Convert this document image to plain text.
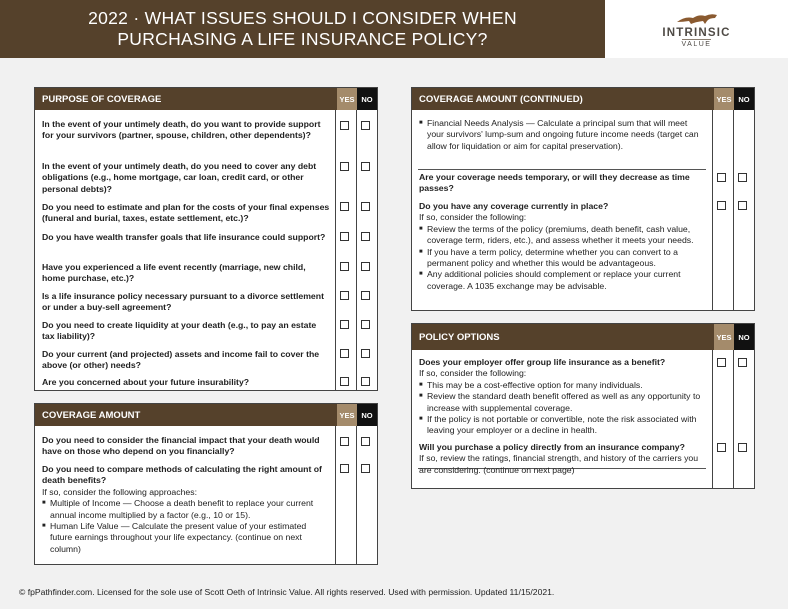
2022 · WHAT ISSUES SHOULD I CONSIDER WHEN
PURCHASING A LIFE INSURANCE POLICY?	INTRINSIC
VALUE
PURPOSE OF COVERAGE	YES NO
In the event of your untimely death, do you want to provide support for your survivors (partner, spouse, children, other dependents)?
In the event of your untimely death, do you need to cover any debt obligations (e.g., home mortgage, car loan, credit card, or other personal debts)?
Do you need to estimate and plan for the costs of your final expenses (funeral and burial, taxes, estate settlement, etc.)?
Do you have wealth transfer goals that life insurance could support?
Have you experienced a life event recently (marriage, new child, home purchase, etc.)?
Is a life insurance policy necessary pursuant to a divorce settlement or under a buy-sell agreement?
Do you need to create liquidity at your death (e.g., to pay an estate tax liability)?
Do your current (and projected) assets and income fail to cover the above (or other) needs?
Are you concerned about your future insurability?
COVERAGE AMOUNT	YES NO
Do you need to consider the financial impact that your death would have on those who depend on you financially?
Do you need to compare methods of calculating the right amount of death benefits?
If so, consider the following approaches:
■ Multiple of Income — Choose a death benefit to replace your current annual income multiplied by a factor (e.g., 10 or 15).
■ Human Life Value — Calculate the present value of your estimated future earnings throughout your life expectancy. (continue on next column)
COVERAGE AMOUNT (CONTINUED)	YES NO
■ Financial Needs Analysis — Calculate a principal sum that will meet your survivors' lump-sum and ongoing future income needs (target can allow for liquidation or aim for capital preservation).
Are your coverage needs temporary, or will they decrease as time passes?
Do you have any coverage currently in place?
If so, consider the following:
■ Review the terms of the policy (premiums, death benefit, cash value, coverage term, riders, etc.), and assess whether it meets your needs.
■ If you have a term policy, determine whether you can convert to a permanent policy and whether this would be advantageous.
■ Any additional policies should complement or replace your current coverage. A 1035 exchange may be advisable.
POLICY OPTIONS	YES NO
Does your employer offer group life insurance as a benefit?
If so, consider the following:
■ This may be a cost-effective option for many individuals.
■ Review the standard death benefit offered as well as any opportunity to increase with supplemental coverage.
■ If the policy is not portable or convertible, note the risk associated with leaving your employer or a decline in health.
Will you purchase a policy directly from an insurance company?
If so, review the ratings, financial strength, and history of the carriers you are considering. (continue on next page)
© fpPathfinder.com. Licensed for the sole use of Scott Oeth of Intrinsic Value. All rights reserved. Used with permission. Updated 11/15/2021.
